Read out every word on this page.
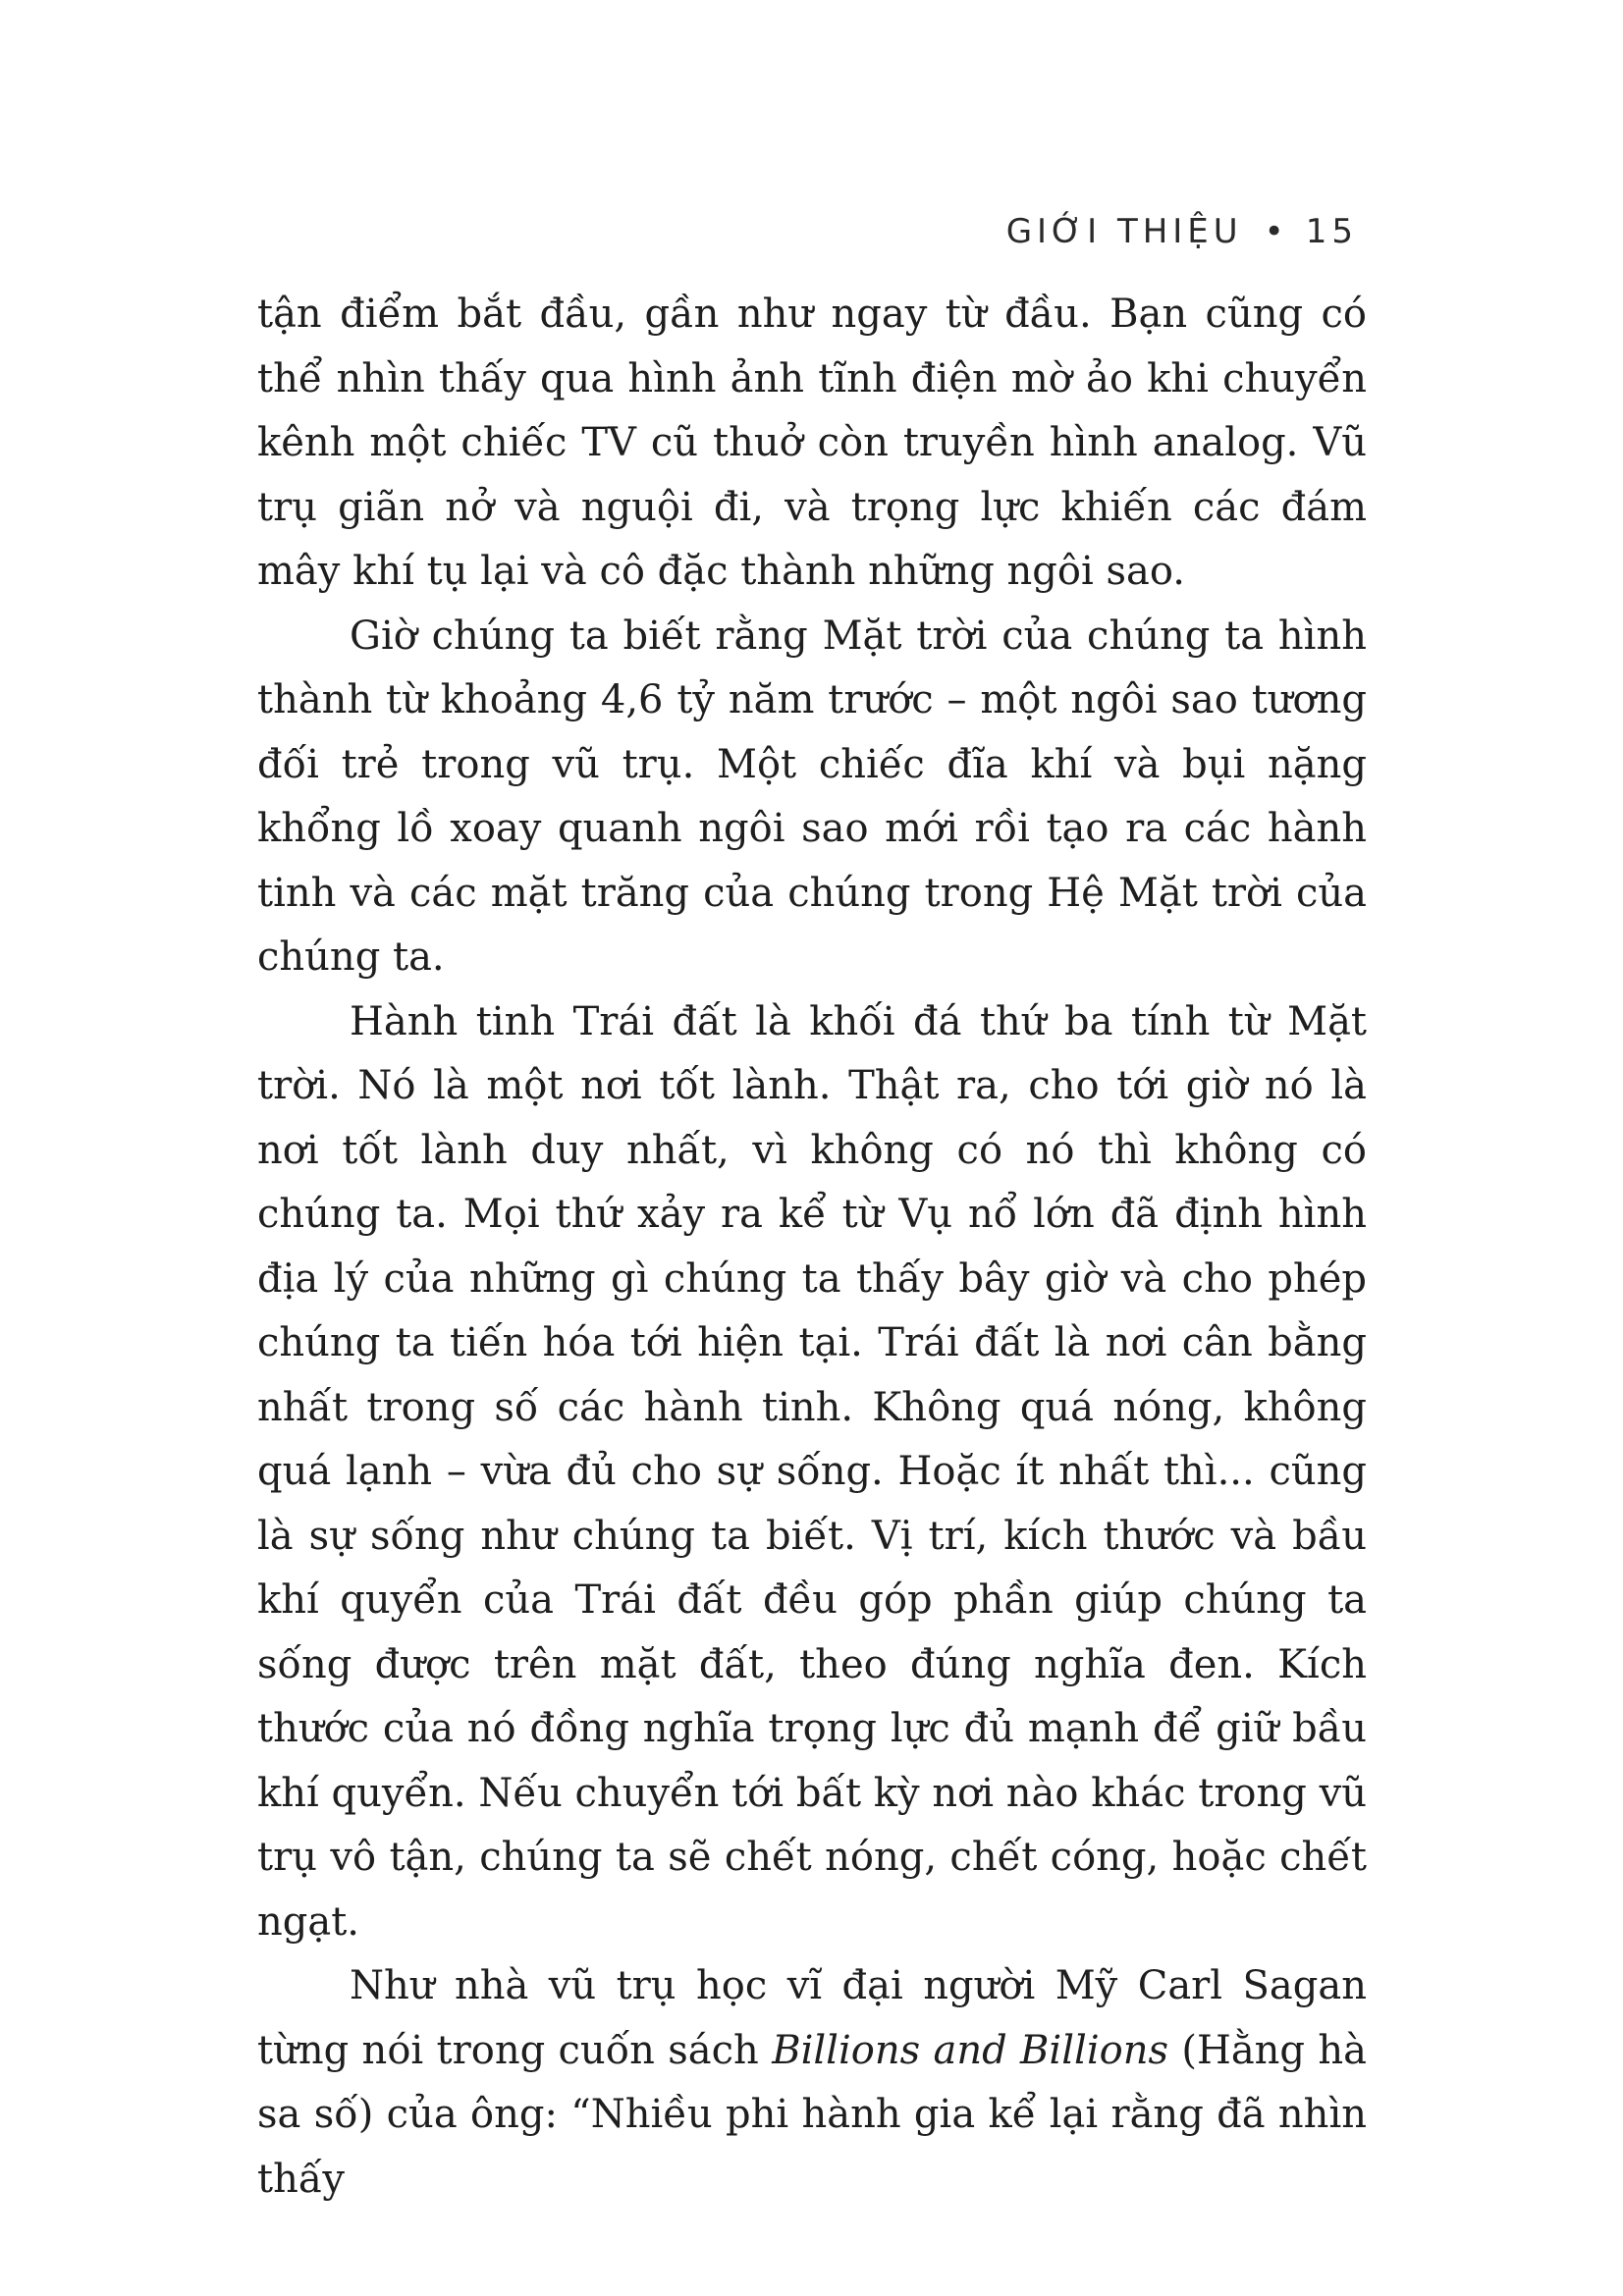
GIỚI THIỆU • 15

tận điểm bắt đầu, gần như ngay từ đầu. Bạn cũng có thể nhìn thấy qua hình ảnh tĩnh điện mờ ảo khi chuyển kênh một chiếc TV cũ thuở còn truyền hình analog. Vũ trụ giãn nở và nguội đi, và trọng lực khiến các đám mây khí tụ lại và cô đặc thành những ngôi sao.

Giờ chúng ta biết rằng Mặt trời của chúng ta hình thành từ khoảng 4,6 tỷ năm trước – một ngôi sao tương đối trẻ trong vũ trụ. Một chiếc đĩa khí và bụi nặng khổng lồ xoay quanh ngôi sao mới rồi tạo ra các hành tinh và các mặt trăng của chúng trong Hệ Mặt trời của chúng ta.

Hành tinh Trái đất là khối đá thứ ba tính từ Mặt trời. Nó là một nơi tốt lành. Thật ra, cho tới giờ nó là nơi tốt lành duy nhất, vì không có nó thì không có chúng ta. Mọi thứ xảy ra kể từ Vụ nổ lớn đã định hình địa lý của những gì chúng ta thấy bây giờ và cho phép chúng ta tiến hóa tới hiện tại. Trái đất là nơi cân bằng nhất trong số các hành tinh. Không quá nóng, không quá lạnh – vừa đủ cho sự sống. Hoặc ít nhất thì... cũng là sự sống như chúng ta biết. Vị trí, kích thước và bầu khí quyển của Trái đất đều góp phần giúp chúng ta sống được trên mặt đất, theo đúng nghĩa đen. Kích thước của nó đồng nghĩa trọng lực đủ mạnh để giữ bầu khí quyển. Nếu chuyển tới bất kỳ nơi nào khác trong vũ trụ vô tận, chúng ta sẽ chết nóng, chết cóng, hoặc chết ngạt.

Như nhà vũ trụ học vĩ đại người Mỹ Carl Sagan từng nói trong cuốn sách Billions and Billions (Hằng hà sa số) của ông: “Nhiều phi hành gia kể lại rằng đã nhìn thấy
